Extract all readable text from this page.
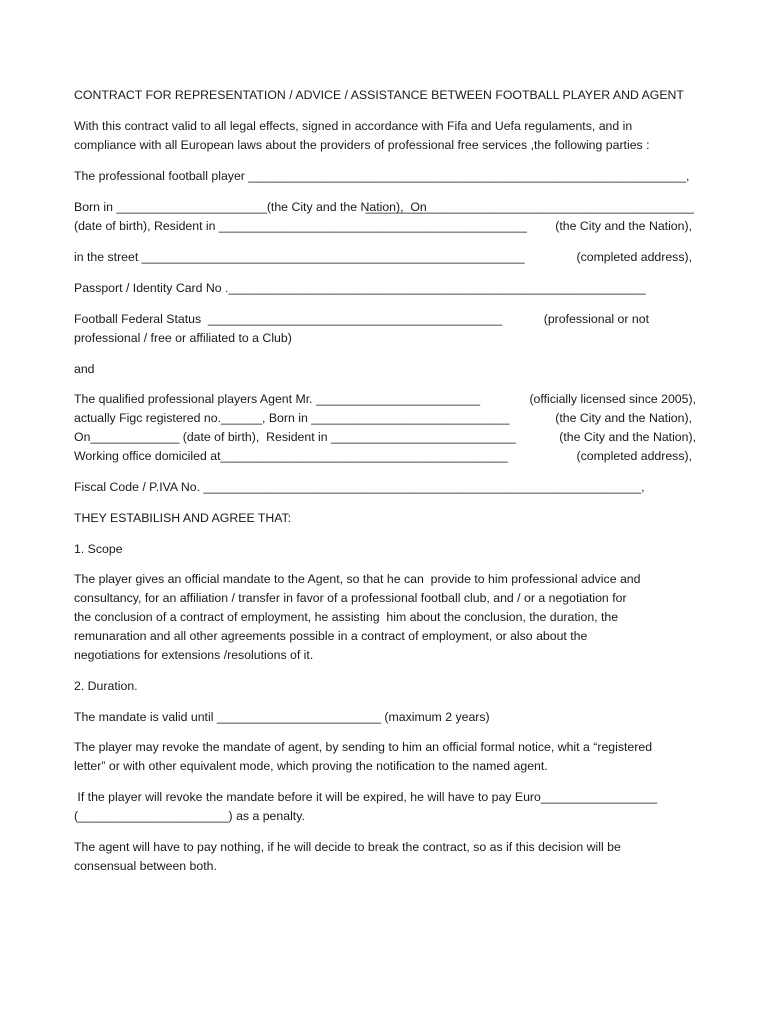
CONTRACT FOR REPRESENTATION / ADVICE / ASSISTANCE BETWEEN FOOTBALL PLAYER AND AGENT
With this contract valid to all legal effects, signed in accordance with Fifa and Uefa regulaments, and in
compliance with all European laws about the providers of professional free services ,the following parties :
The professional football player ________________________________________________________________,
Born in ______________________(the City and the Nation),  On
________________________________________________
(date of birth), Resident in _____________________________________________ (the City and the Nation),
in the street ________________________________________________________	(completed address),
Passport / Identity Card No ._____________________________________________________________
Football Federal Status  ___________________________________________	(professional or not
professional / free or affiliated to a Club)
and
The qualified professional players Agent Mr. ________________________	(officially licensed since 2005),
actually Figc registered no.______, Born in _____________________________	(the City and the Nation),
On_____________ (date of birth),  Resident in ___________________________	(the City and the Nation),
Working office domiciled at__________________________________________	(completed address),
Fiscal Code / P.IVA No. ________________________________________________________________,
THEY ESTABILISH AND AGREE THAT:
1. Scope
The player gives an official mandate to the Agent, so that he can  provide to him professional advice and
consultancy, for an affiliation / transfer in favor of a professional football club, and / or a negotiation for
the conclusion of a contract of employment, he assisting  him about the conclusion, the duration, the
remunaration and all other agreements possible in a contract of employment, or also about the
negotiations for extensions /resolutions of it.
2. Duration.
The mandate is valid until ________________________ (maximum 2 years)
The player may revoke the mandate of agent, by sending to him an official formal notice, whit a “registered
letter” or with other equivalent mode, which proving the notification to the named agent.
If the player will revoke the mandate before it will be expired, he will have to pay Euro_________________
(______________________) as a penalty.
The agent will have to pay nothing, if he will decide to break the contract, so as if this decision will be
consensual between both.
